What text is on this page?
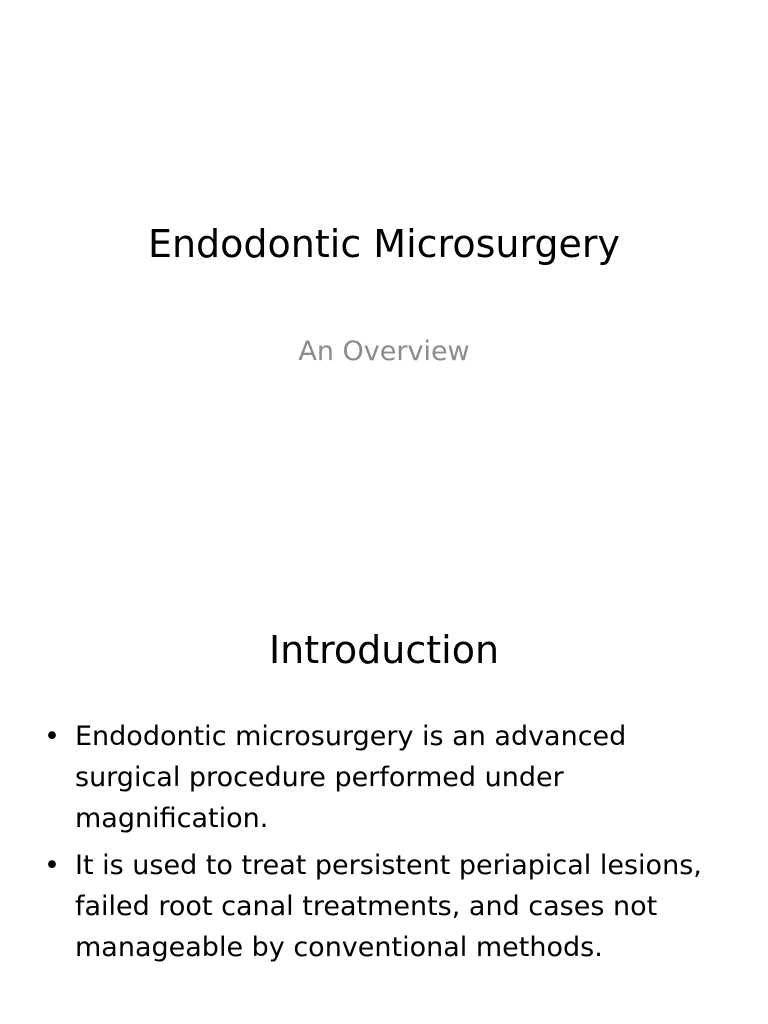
Endodontic Microsurgery

An Overview

Introduction
• Endodontic microsurgery is an advanced surgical procedure performed under magnification.
• It is used to treat persistent periapical lesions, failed root canal treatments, and cases not manageable by conventional methods.
